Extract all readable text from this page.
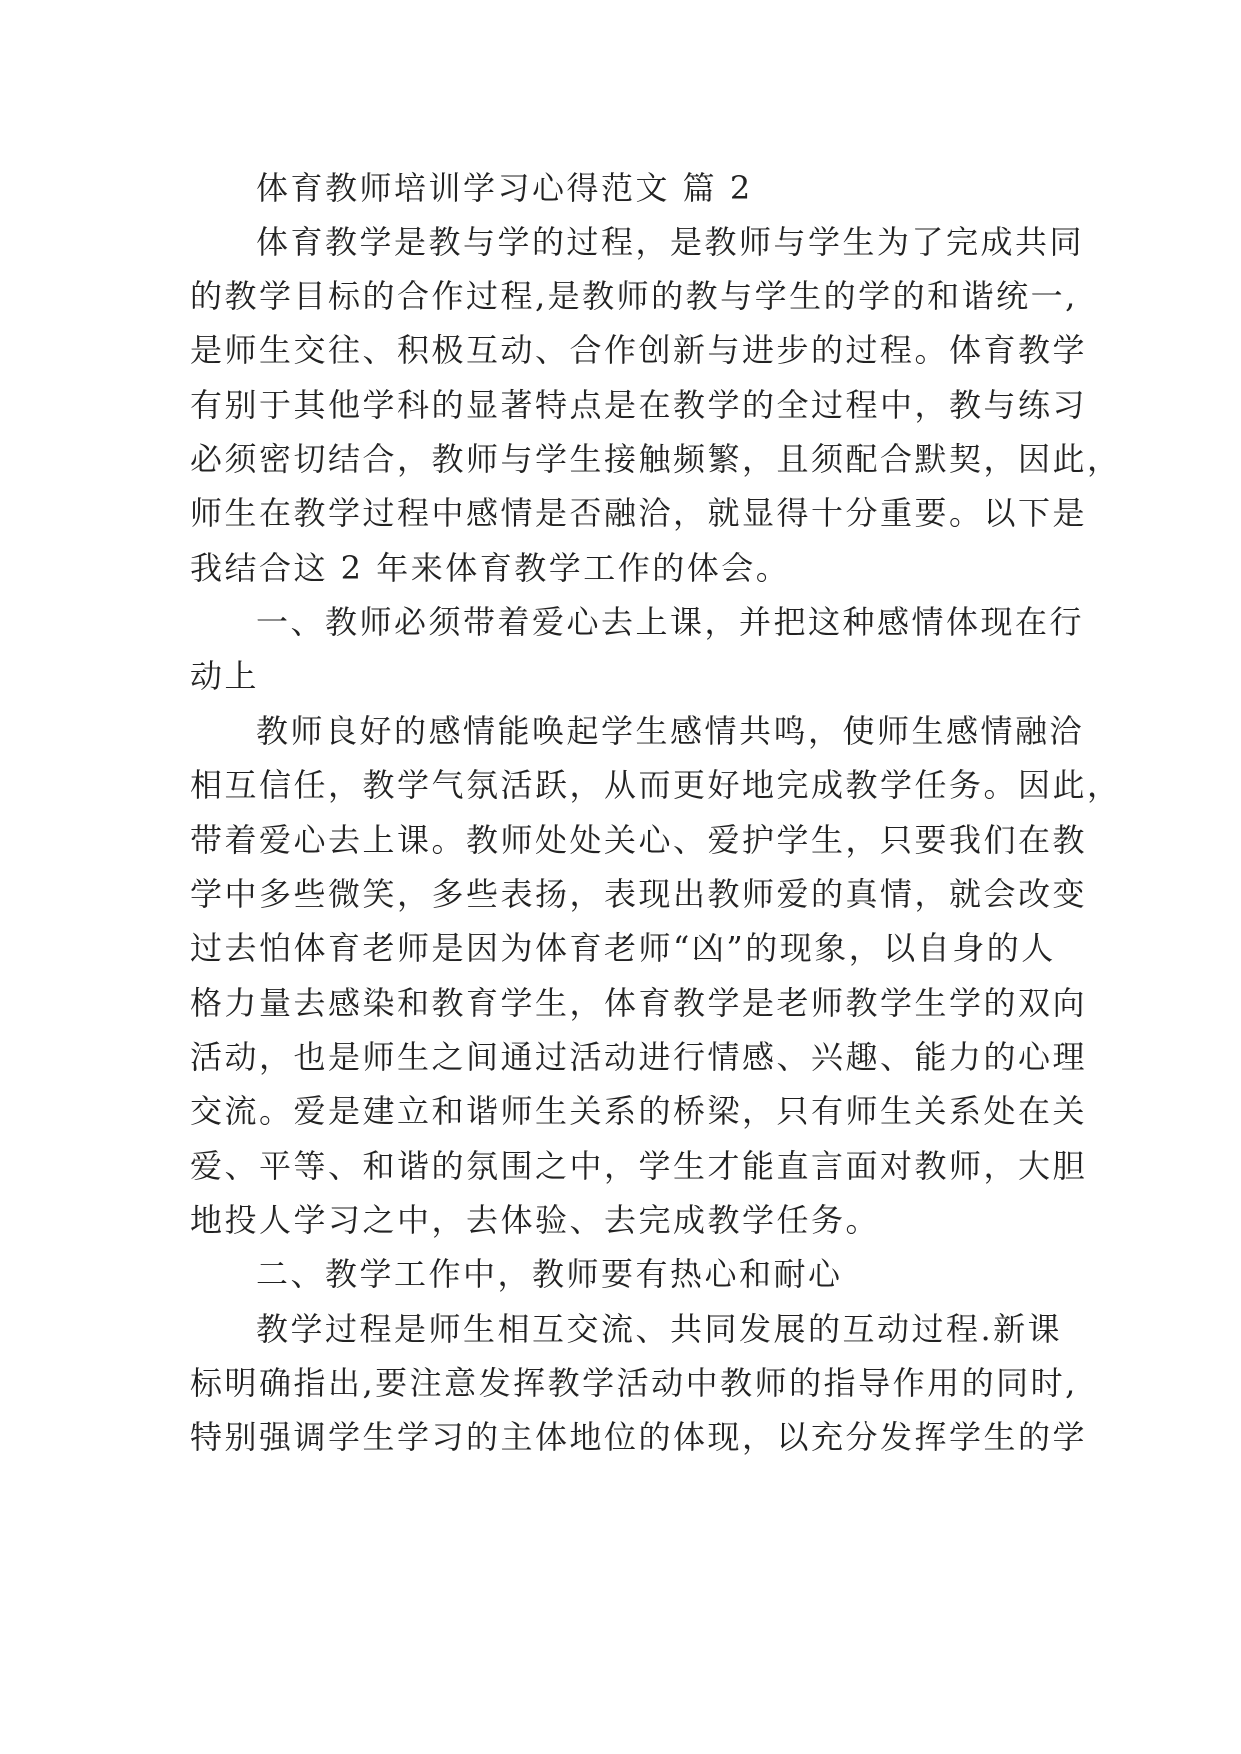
体育教师培训学习心得范文 篇 2
体育教学是教与学的过程，是教师与学生为了完成共同
的教学目标的合作过程,是教师的教与学生的学的和谐统一,
是师生交往、积极互动、合作创新与进步的过程。体育教学
有别于其他学科的显著特点是在教学的全过程中，教与练习
必须密切结合，教师与学生接触频繁，且须配合默契，因此，
师生在教学过程中感情是否融洽，就显得十分重要。以下是
我结合这 2 年来体育教学工作的体会。
一、教师必须带着爱心去上课，并把这种感情体现在行
动上
教师良好的感情能唤起学生感情共鸣，使师生感情融洽
相互信任，教学气氛活跃，从而更好地完成教学任务。因此，
带着爱心去上课。教师处处关心、爱护学生，只要我们在教
学中多些微笑，多些表扬，表现出教师爱的真情，就会改变
过去怕体育老师是因为体育老师“凶”的现象，以自身的人
格力量去感染和教育学生，体育教学是老师教学生学的双向
活动，也是师生之间通过活动进行情感、兴趣、能力的心理
交流。爱是建立和谐师生关系的桥梁，只有师生关系处在关
爱、平等、和谐的氛围之中，学生才能直言面对教师，大胆
地投人学习之中，去体验、去完成教学任务。
二、教学工作中，教师要有热心和耐心
教学过程是师生相互交流、共同发展的互动过程.新课
标明确指出,要注意发挥教学活动中教师的指导作用的同时,
特别强调学生学习的主体地位的体现，以充分发挥学生的学
